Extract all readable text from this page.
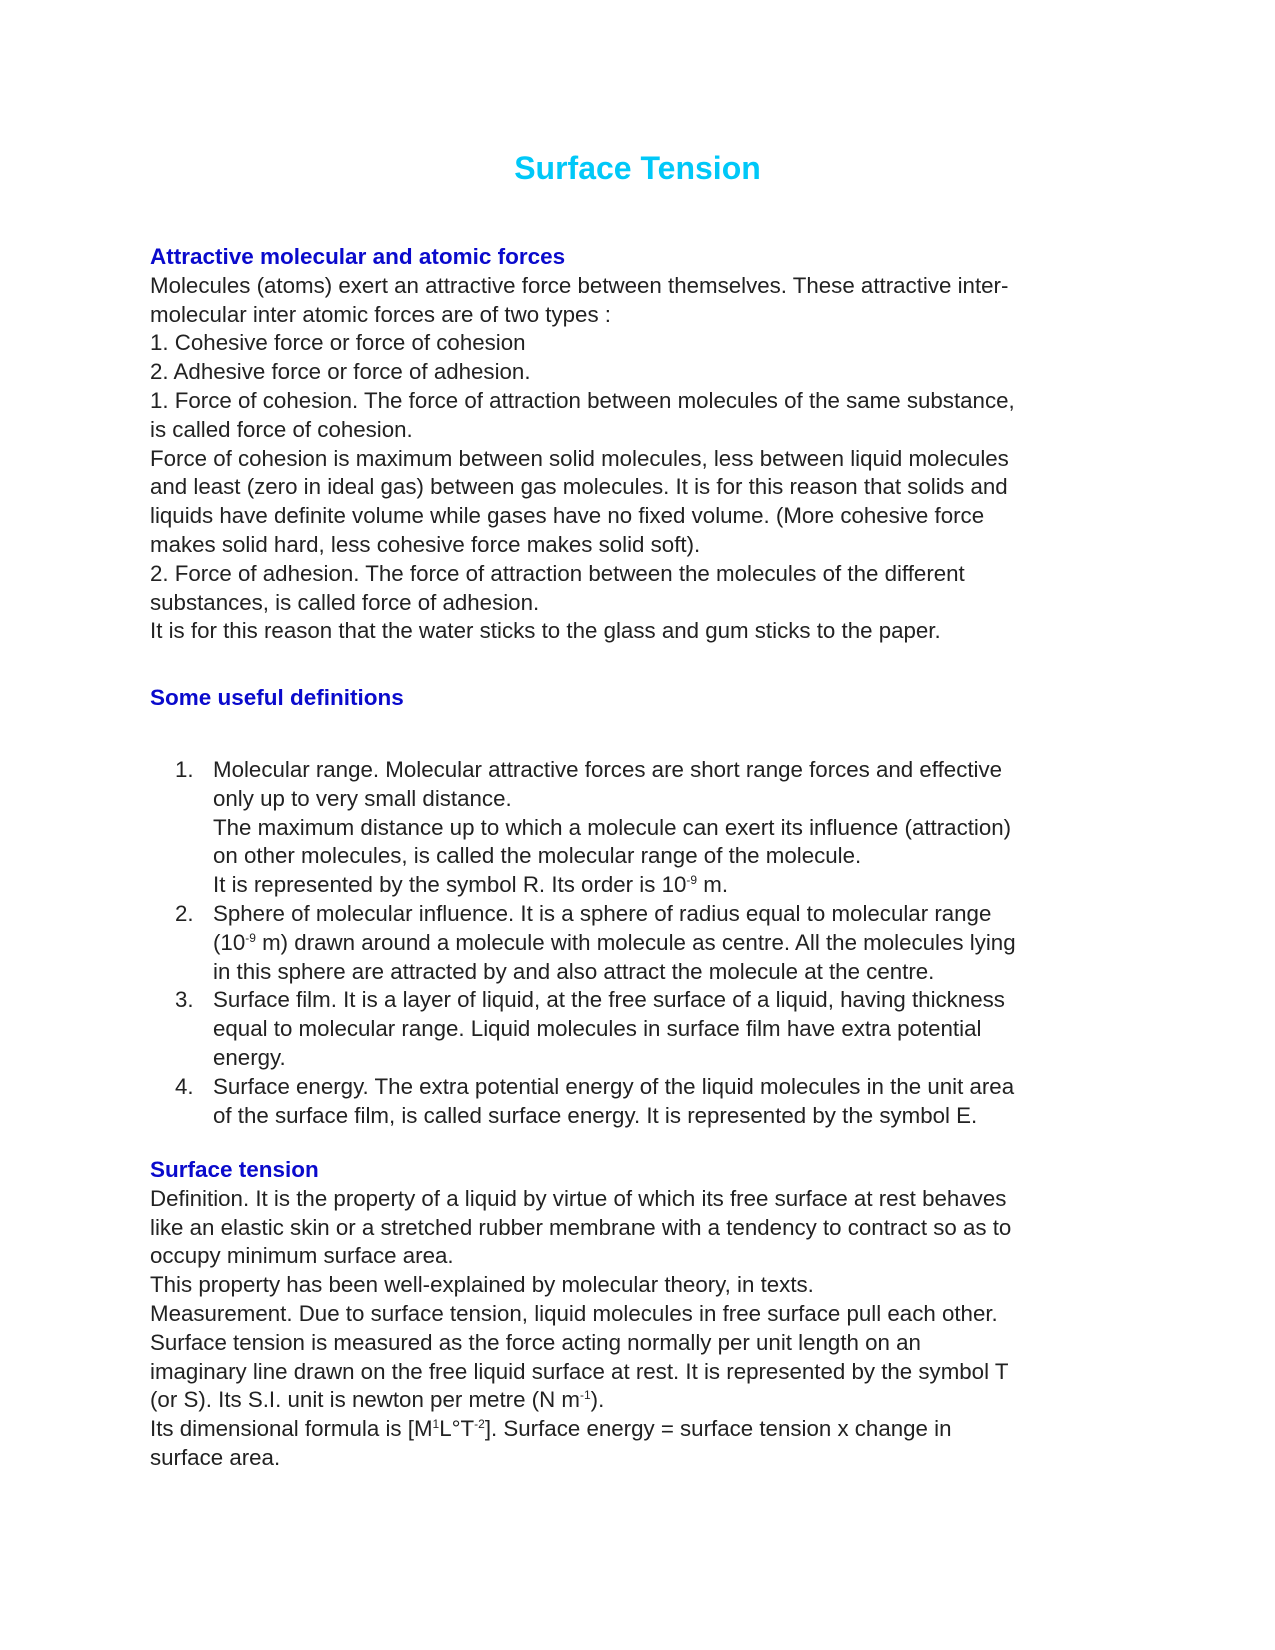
Surface Tension

Attractive molecular and atomic forces

Molecules (atoms) exert an attractive force between themselves. These attractive inter-

molecular inter atomic forces are of two types :

1. Cohesive force or force of cohesion

2. Adhesive force or force of adhesion.

1. Force of cohesion. The force of attraction between molecules of the same substance,

is called force of cohesion.

Force of cohesion is maximum between solid molecules, less between liquid molecules

and least (zero in ideal gas) between gas molecules. It is for this reason that solids and

liquids have definite volume while gases have no fixed volume. (More cohesive force

makes solid hard, less cohesive force makes solid soft).

2. Force of adhesion. The force of attraction between the molecules of the different

substances, is called force of adhesion.

It is for this reason that the water sticks to the glass and gum sticks to the paper.

Some useful definitions

1. Molecular range. Molecular attractive forces are short range forces and effective

only up to very small distance.

The maximum distance up to which a molecule can exert its influence (attraction)

on other molecules, is called the molecular range of the molecule.

It is represented by the symbol R. Its order is $10^{-9}$ m.

2. Sphere of molecular influence. It is a sphere of radius equal to molecular range

($10^{-9}$ m) drawn around a molecule with molecule as centre. All the molecules lying

in this sphere are attracted by and also attract the molecule at the centre.

3. Surface film. It is a layer of liquid, at the free surface of a liquid, having thickness

equal to molecular range. Liquid molecules in surface film have extra potential

energy.

4. Surface energy. The extra potential energy of the liquid molecules in the unit area

of the surface film, is called surface energy. It is represented by the symbol E.

Surface tension

Definition. It is the property of a liquid by virtue of which its free surface at rest behaves

like an elastic skin or a stretched rubber membrane with a tendency to contract so as to

occupy minimum surface area.

This property has been well-explained by molecular theory, in texts.

Measurement. Due to surface tension, liquid molecules in free surface pull each other.

Surface tension is measured as the force acting normally per unit length on an

imaginary line drawn on the free liquid surface at rest. It is represented by the symbol T

(or S). Its S.I. unit is newton per metre (N $m^{-1}$).

Its dimensional formula is $[M^1L^\circ T^{-2}]$. Surface energy = surface tension x change in

surface area.
